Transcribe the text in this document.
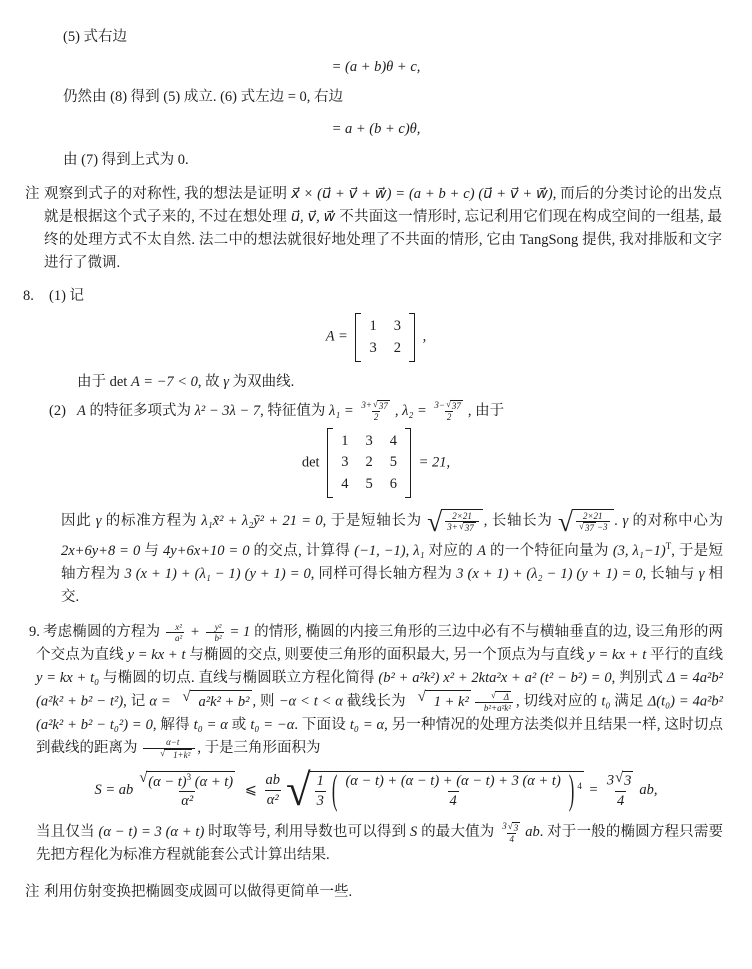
(5) 式右边
= (a + b)θ + c,
仍然由 (8) 得到 (5) 成立. (6) 式左边 = 0, 右边
= a + (b + c)θ,
由 (7) 得到上式为 0.
注 观察到式子的对称性, 我的想法是证明 x⃗ × (u⃗ + v⃗ + w⃗) = (a + b + c) (u⃗ + v⃗ + w⃗), 而后的分类讨论的出发点就是根据这个式子来的, 不过在想处理 u⃗, v⃗, w⃗ 不共面这一情形时, 忘记利用它们现在构成空间的一组基, 最终的处理方式不太自然. 法二中的想法就很好地处理了不共面的情形, 它由 TangSong 提供, 我对排版和文字进行了微调.
8. (1) 记
A =
1 3
3 2
,
由于 det A = −7 < 0, 故 γ 为双曲线.
(2) A 的特征多项式为 λ² − 3λ − 7, 特征值为 $\lambda_1 = \frac{3+ √ 37}{2}$ , $\lambda_2 = \frac{3- √ 37}{2}$ , 由于
det
1 3 4
3 2 5
4 5 6
= 21,
因此 γ 的标准方程为 λ₁x̃² + λ₂ỹ² + 21 = 0, 于是短轴长为 √ $\frac{2\times 21}{3+ √ 37}$ , 长轴长为 √ $\frac{2\times 21}{√ 37 -3}$ . γ 的对称中心为 2x+6y+8 = 0 与 4y+6x+10 = 0 的交点, 计算得 (−1, −1), λ₁ 对应的 A 的一个特征向量为 (3, λ₁−1)$^T$, 于是短轴方程为 3 (x + 1) + (λ₁ − 1) (y + 1) = 0, 同样可得长轴方程为 3 (x + 1) + (λ₂ − 1) (y + 1) = 0, 长轴与 γ 相交.
9. 考虑椭圆的方程为 $\frac{\text{x²}}{\text{a²}} + \frac{\text{y²}}{\text{b²}} = 1$ 的情形, 椭圆的内接三角形的三边中必有不与横轴垂直的边, 设三角形的两个交点为直线 y = kx + t 与椭圆的交点, 则要使三角形的面积最大, 另一个顶点为与直线 y = kx + t 平行的直线 y = kx + t₀ 与椭圆的切点. 直线与椭圆联立方程化简得 (b² + a²k²) x² + 2kta²x + a² (t² − b²) = 0, 判别式 Δ = 4a²b² (a²k² + b² − t²), 记 α = √ a²k² + b² , 则 −α < t < α 截线长为 √ $1 + k^2 \frac{√ \Delta}{\text{b²+a²k²}}$ , 切线对应的 t₀ 满足 Δ(t₀) = 4a²b² (a²k² + b² − t₀²) = 0, 解得 t₀ = α 或 t₀ = −α. 下面设 t₀ = α, 另一种情况的处理方法类似并且结果一样, 这时切点到截线的距离为 $\frac{\alpha-t}{\text{√ 1+k²}}$ , 于是三角形面积为
S = ab $\frac{√ (\alpha - t)^3 (\alpha + t)}{\text{α²}}$ ⩽ $\frac{ab}{\text{α²}}$ √ $\frac{1}{3}$ ( $\frac{(\alpha - t) + (\alpha - t) + (\alpha - t) + 3 (\alpha + t)}{4}$ ) $^4 = \frac{3 √ 3}{4}$ ab,
当且仅当 (α − t) = 3 (α + t) 时取等号, 利用导数也可以得到 S 的最大值为 $\frac{3 √ 3}{4}$ ab. 对于一般的椭圆方程只需要先把方程化为标准方程就能套公式计算出结果.
注 利用仿射变换把椭圆变成圆可以做得更简单一些.
